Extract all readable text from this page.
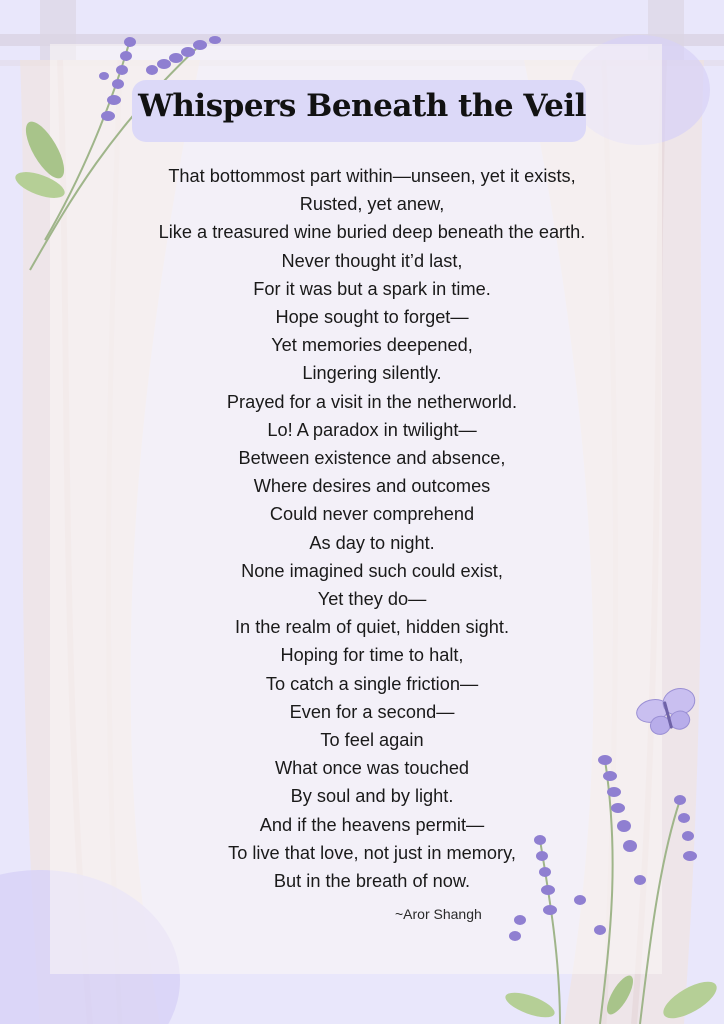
Whispers Beneath the Veil
That bottommost part within—unseen, yet it exists,
Rusted, yet anew,
Like a treasured wine buried deep beneath the earth.
Never thought it’d last,
For it was but a spark in time.
Hope sought to forget—
Yet memories deepened,
Lingering silently.
Prayed for a visit in the netherworld.
Lo! A paradox in twilight—
Between existence and absence,
Where desires and outcomes
Could never comprehend
As day to night.
None imagined such could exist,
Yet they do—
In the realm of quiet, hidden sight.
Hoping for time to halt,
To catch a single friction—
Even for a second—
To feel again
What once was touched
By soul and by light.
And if the heavens permit—
To live that love, not just in memory,
But in the breath of now.
~Aror Shangh
